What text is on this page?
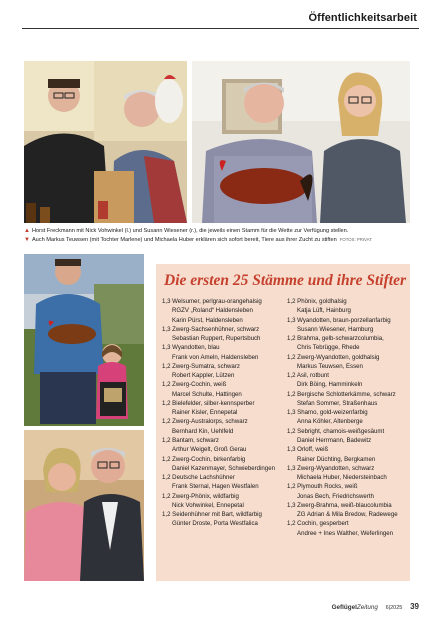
Öffentlichkeitsarbeit
▲ Horst Freckmann mit Nick Vohwinkel (l.) und Susann Wiesener (r.), die jeweils einen Stamm für die Wette zur Verfügung stellen.
▼ Auch Markus Teuwsen (mit Tochter Marlene) und Michaela Huber erklären sich sofort bereit, Tiere aus ihrer Zucht zu stiften FOTOS: PRIVAT
Die ersten 25 Stämme und ihre Stifter
1,3 Welsumer, perlgrau-orangehalsig
RGZV „Roland“ Haldensleben
Karin Pürst, Haldensleben
1,3 Zwerg-Sachsenhühner, schwarz
Sebastian Ruppert, Rupertsbuch
1,3 Wyandotten, blau
Frank von Ameln, Haldensleben
1,2 Zwerg-Sumatra, schwarz
Robert Kappler, Lützen
1,2 Zwerg-Cochin, weiß
Marcel Schulte, Hattingen
1,2 Bielefelder, silber-kennsperber
Rainer Kisler, Ennepetal
1,2 Zwerg-Australorps, schwarz
Bernhard Kin, Uehlfeld
1,2 Bantam, schwarz
Arthur Weigelt, Groß Gerau
1,2 Zwerg-Cochin, birkenfarbig
Daniel Kazenmayer, Schwieberdingen
1,2 Deutsche Lachshühner
Frank Sternal, Hagen Westfalen
1,2 Zwerg-Phönix, wildfarbig
Nick Vohwinkel, Ennepetal
1,2 Seidenhühner mit Bart, wildfarbig
Günter Droste, Porta Westfalica
1,2 Phönix, goldhalsig
Katja Lüft, Hainburg
1,3 Wyandotten, braun-porzellanfarbig
Susann Wiesener, Hamburg
1,2 Brahma, gelb-schwarzcolumbia,
Chris Tebrügge, Rhede
1,2 Zwerg-Wyandotten, goldhalsig
Markus Teuwsen, Essen
1,2 Asil, rotbunt
Dirk Böing, Hamminkeln
1,2 Bergische Schlotterkämme, schwarz
Stefan Sommer, Straßenhaus
1,3 Shamo, gold-weizenfarbig
Anna Köhler, Altenberge
1,2 Sebright, chamois-weißgesäumt
Daniel Herrmann, Badewitz
1,3 Orloff, weiß
Rainer Düchting, Bergkamen
1,3 Zwerg-Wyandotten, schwarz
Michaela Huber, Niedersteinbach
1,2 Plymouth Rocks, weiß
Jonas Bech, Friedrichswerth
1,3 Zwerg-Brahma, weiß-blaucolumbia
ZG Adrian & Mila Bredow, Radewege
1,2 Cochin, gesperbert
Andree + Ines Walther, Weferlingen
GeflügelZeitung 6|2025 39
